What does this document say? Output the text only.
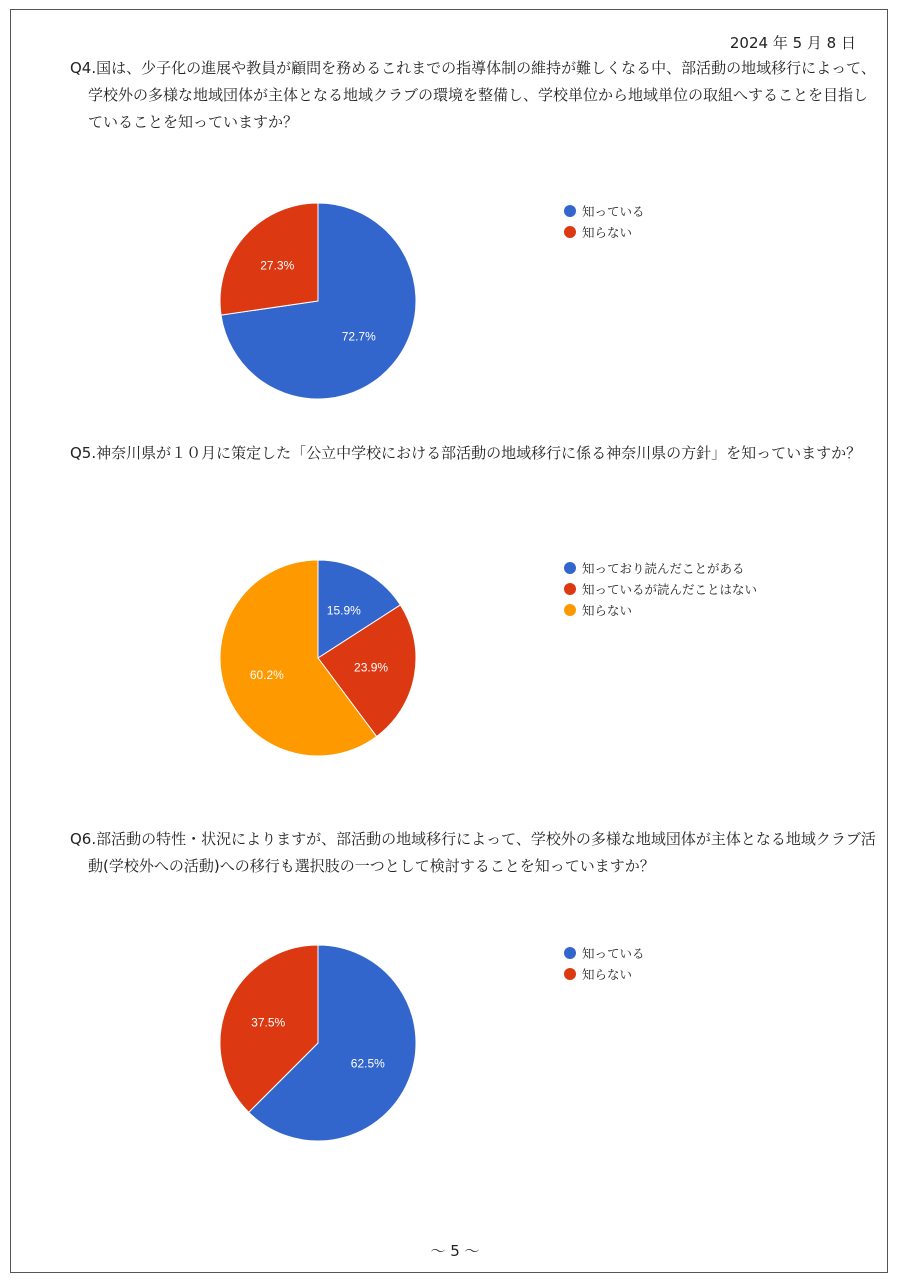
2024 年 5 月 8 日
Q4.国は、少子化の進展や教員が顧問を務めるこれまでの指導体制の維持が難しくなる中、部活動の地域移行によって、学校外の多様な地域団体が主体となる地域クラブの環境を整備し、学校単位から地域単位の取組へすることを目指していることを知っていますか？
72.7%
27.3%
知っている
知らない
Q5.神奈川県が１０月に策定した「公立中学校における部活動の地域移行に係る神奈川県の方針」を知っていますか？
15.9%
23.9%
60.2%
知っており読んだことがある
知っているが読んだことはない
知らない
Q6.部活動の特性・状況によりますが、部活動の地域移行によって、学校外の多様な地域団体が主体となる地域クラブ活動(学校外への活動)への移行も選択肢の一つとして検討することを知っていますか？
62.5%
37.5%
知っている
知らない
～ 5 ～
